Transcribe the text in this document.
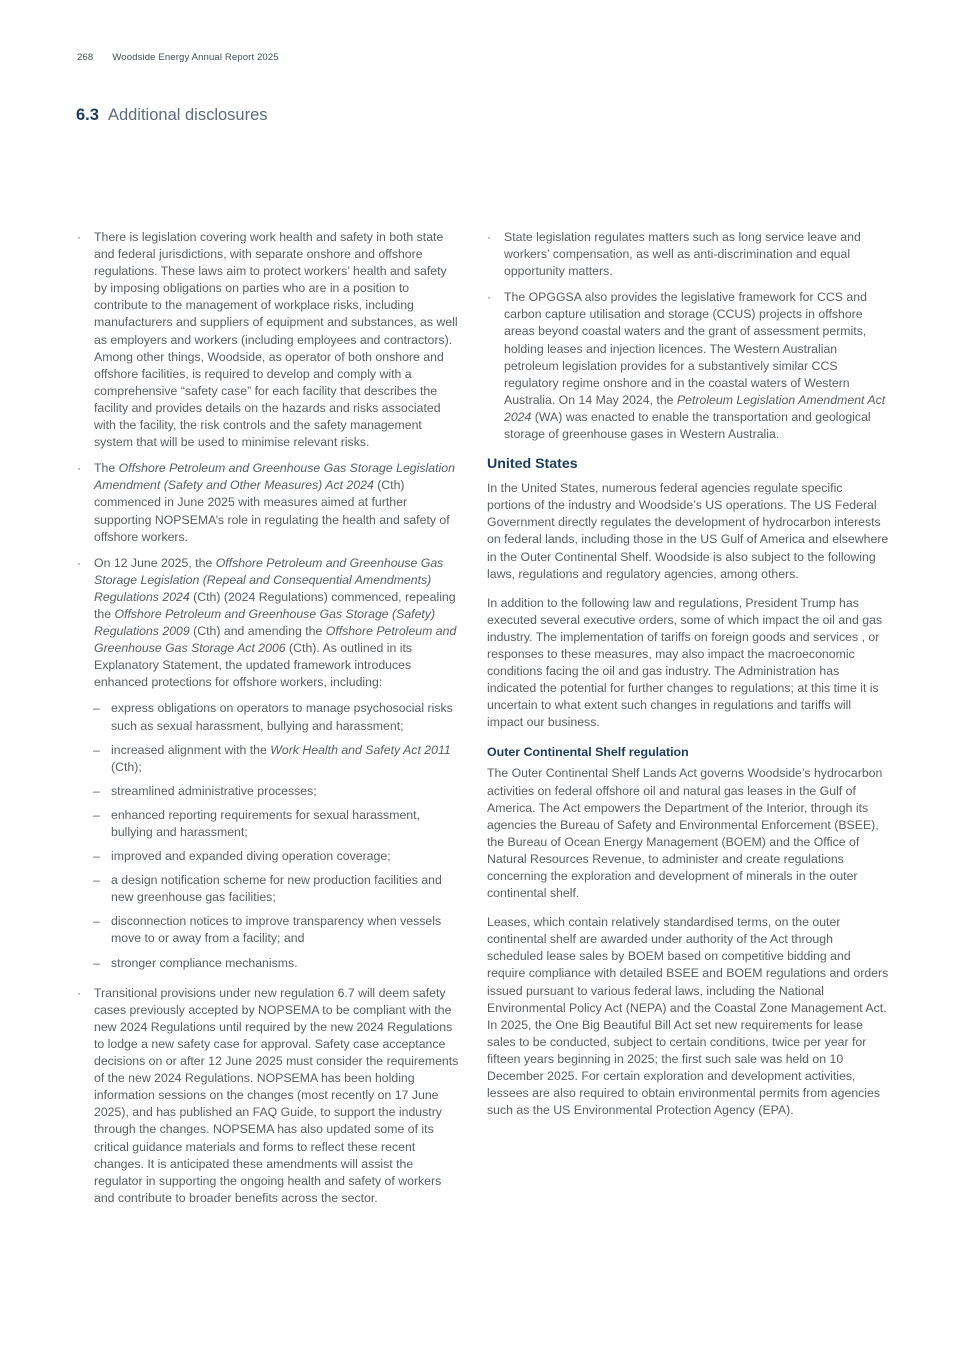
268 Woodside Energy Annual Report 2025
6.3 Additional disclosures
·	There is legislation covering work health and safety in both state and federal jurisdictions, with separate onshore and offshore regulations. These laws aim to protect workers’ health and safety by imposing obligations on parties who are in a position to contribute to the management of workplace risks, including manufacturers and suppliers of equipment and substances, as well as employers and workers (including employees and contractors). Among other things, Woodside, as operator of both onshore and offshore facilities, is required to develop and comply with a comprehensive “safety case” for each facility that describes the facility and provides details on the hazards and risks associated with the facility, the risk controls and the safety management system that will be used to minimise relevant risks.
·	The Offshore Petroleum and Greenhouse Gas Storage Legislation Amendment (Safety and Other Measures) Act 2024 (Cth) commenced in June 2025 with measures aimed at further supporting NOPSEMA’s role in regulating the health and safety of offshore workers.
·	On 12 June 2025, the Offshore Petroleum and Greenhouse Gas Storage Legislation (Repeal and Consequential Amendments) Regulations 2024 (Cth) (2024 Regulations) commenced, repealing the Offshore Petroleum and Greenhouse Gas Storage (Safety) Regulations 2009 (Cth) and amending the Offshore Petroleum and Greenhouse Gas Storage Act 2006 (Cth). As outlined in its Explanatory Statement, the updated framework introduces enhanced protections for offshore workers, including:
– express obligations on operators to manage psychosocial risks such as sexual harassment, bullying and harassment;
– increased alignment with the Work Health and Safety Act 2011 (Cth);
– streamlined administrative processes;
– enhanced reporting requirements for sexual harassment, bullying and harassment;
– improved and expanded diving operation coverage;
– a design notification scheme for new production facilities and new greenhouse gas facilities;
– disconnection notices to improve transparency when vessels move to or away from a facility; and
– stronger compliance mechanisms.
·	Transitional provisions under new regulation 6.7 will deem safety cases previously accepted by NOPSEMA to be compliant with the new 2024 Regulations until required by the new 2024 Regulations to lodge a new safety case for approval. Safety case acceptance decisions on or after 12 June 2025 must consider the requirements of the new 2024 Regulations. NOPSEMA has been holding information sessions on the changes (most recently on 17 June 2025), and has published an FAQ Guide, to support the industry through the changes. NOPSEMA has also updated some of its critical guidance materials and forms to reflect these recent changes. It is anticipated these amendments will assist the regulator in supporting the ongoing health and safety of workers and contribute to broader benefits across the sector.
·	State legislation regulates matters such as long service leave and workers’ compensation, as well as anti-discrimination and equal opportunity matters.
·	The OPGGSA also provides the legislative framework for CCS and carbon capture utilisation and storage (CCUS) projects in offshore areas beyond coastal waters and the grant of assessment permits, holding leases and injection licences. The Western Australian petroleum legislation provides for a substantively similar CCS regulatory regime onshore and in the coastal waters of Western Australia. On 14 May 2024, the Petroleum Legislation Amendment Act 2024 (WA) was enacted to enable the transportation and geological storage of greenhouse gases in Western Australia.
United States

In the United States, numerous federal agencies regulate specific portions of the industry and Woodside’s US operations. The US Federal Government directly regulates the development of hydrocarbon interests on federal lands, including those in the US Gulf of America and elsewhere in the Outer Continental Shelf. Woodside is also subject to the following laws, regulations and regulatory agencies, among others.

In addition to the following law and regulations, President Trump has executed several executive orders, some of which impact the oil and gas industry. The implementation of tariffs on foreign goods and services , or responses to these measures, may also impact the macroeconomic conditions facing the oil and gas industry. The Administration has indicated the potential for further changes to regulations; at this time it is uncertain to what extent such changes in regulations and tariffs will impact our business.

Outer Continental Shelf regulation

The Outer Continental Shelf Lands Act governs Woodside’s hydrocarbon activities on federal offshore oil and natural gas leases in the Gulf of America. The Act empowers the Department of the Interior, through its agencies the Bureau of Safety and Environmental Enforcement (BSEE), the Bureau of Ocean Energy Management (BOEM) and the Office of Natural Resources Revenue, to administer and create regulations concerning the exploration and development of minerals in the outer continental shelf.

Leases, which contain relatively standardised terms, on the outer continental shelf are awarded under authority of the Act through scheduled lease sales by BOEM based on competitive bidding and require compliance with detailed BSEE and BOEM regulations and orders issued pursuant to various federal laws, including the National Environmental Policy Act (NEPA) and the Coastal Zone Management Act. In 2025, the One Big Beautiful Bill Act set new requirements for lease sales to be conducted, subject to certain conditions, twice per year for fifteen years beginning in 2025; the first such sale was held on 10 December 2025. For certain exploration and development activities, lessees are also required to obtain environmental permits from agencies such as the US Environmental Protection Agency (EPA).
